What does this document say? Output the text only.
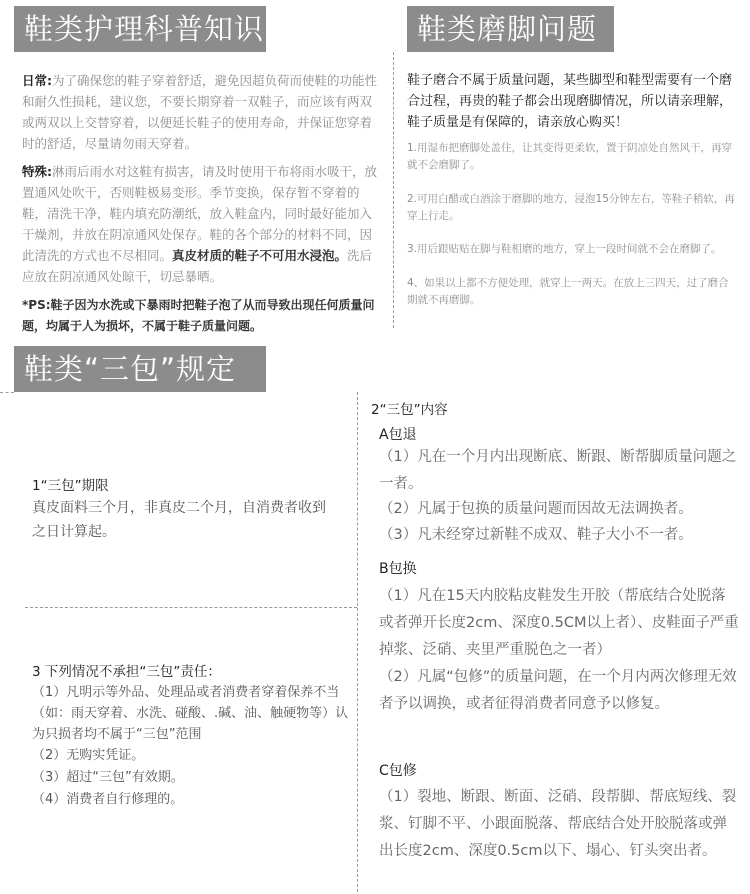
鞋类护理科普知识	鞋类磨脚问题

日常:为了确保您的鞋子穿着舒适，避免因超负荷而使鞋的功能性和耐久性损耗，建议您，不要长期穿着一双鞋子，而应该有两双或两双以上交替穿着，以便延长鞋子的使用寿命，并保证您穿着时的舒适，尽量请勿雨天穿着。

特殊:淋雨后雨水对这鞋有损害，请及时使用干布将雨水吸干，放置通风处吹干，否则鞋极易变形。季节变换，保存暂不穿着的鞋，清洗干净，鞋内填充防潮纸，放入鞋盒内，同时最好能加入干燥剂，并放在阴凉通风处保存。鞋的各个部分的材料不同，因此清洗的方式也不尽相同。真皮材质的鞋子不可用水浸泡。洗后应放在阴凉通风处晾干，切忌暴晒。

*PS:鞋子因为水洗或下暴雨时把鞋子泡了从而导致出现任何质量问题，均属于人为损坏，不属于鞋子质量问题。

鞋子磨合不属于质量问题，某些脚型和鞋型需要有一个磨合过程，再贵的鞋子都会出现磨脚情况，所以请亲理解，鞋子质量是有保障的，请亲放心购买！

1.用湿布把磨脚处盖住，让其变得更柔软，置于阴凉处自然风干，再穿就不会磨脚了。

2.可用白醋或白酒涂于磨脚的地方，浸泡15分钟左右，等鞋子稍软，再穿上行走。

3.用后跟贴贴在脚与鞋相磨的地方，穿上一段时间就不会在磨脚了。

4、如果以上都不方便处理，就穿上一两天。在放上三四天，过了磨合期就不再磨脚。

鞋类“三包”规定

1“三包”期限

真皮面料三个月，非真皮二个月，自消费者收到之日计算起。

3 下列情况不承担“三包”责任：

（1）凡明示等外品、处理品或者消费者穿着保养不当（如：雨天穿着、水洗、碰酸、.碱、油、触硬物等）认为只损者均不属于“三包”范围

（2）无购实凭证。

（3）超过“三包”有效期。

（4）消费者自行修理的。

2“三包”内容

A包退

（1）凡在一个月内出现断底、断跟、断帮脚质量问题之一者。

（2）凡属于包换的质量问题而因故无法调换者。

（3）凡未经穿过新鞋不成双、鞋子大小不一者。

B包换

（1）凡在15天内胶粘皮鞋发生开胶（帮底结合处脱落或者弹开长度2cm、深度0.5CM以上者）、皮鞋面子严重掉浆、泛硝、夹里严重脱色之一者）

（2）凡属“包修”的质量问题，在一个月内两次修理无效者予以调换，或者征得消费者同意予以修复。

C包修

（1）裂地、断跟、断面、泛硝、段帮脚、帮底短线、裂浆、钉脚不平、小跟面脱落、帮底结合处开胶脱落或弹出长度2cm、深度0.5cm以下、塌心、钉头突出者。
